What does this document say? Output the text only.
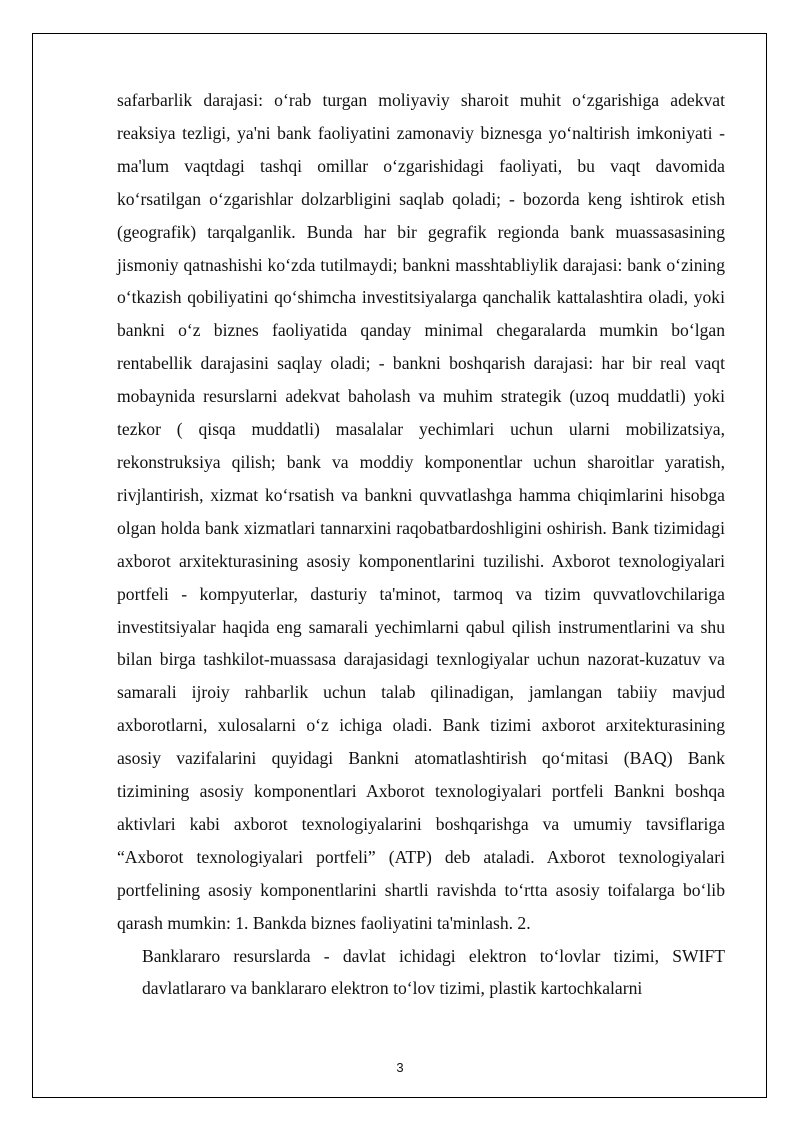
safarbarlik darajasi: o‘rab turgan moliyaviy sharoit muhit o‘zgarishiga adekvat reaksiya tezligi, ya'ni bank faoliyatini zamonaviy biznesga yo‘naltirish imkoniyati - ma'lum vaqtdagi tashqi omillar o‘zgarishidagi faoliyati, bu vaqt davomida ko‘rsatilgan o‘zgarishlar dolzarbligini saqlab qoladi; - bozorda keng ishtirok etish (geografik) tarqalganlik. Bunda har bir gegrafik regionda bank muassasasining jismoniy qatnashishi ko‘zda tutilmaydi; bankni masshtabliylik darajasi: bank o‘zining o‘tkazish qobiliyatini qo‘shimcha investitsiyalarga qanchalik kattalashtira oladi, yoki bankni o‘z biznes faoliyatida qanday minimal chegaralarda mumkin bo‘lgan rentabellik darajasini saqlay oladi; - bankni boshqarish darajasi: har bir real vaqt mobaynida resurslarni adekvat baholash va muhim strategik (uzoq muddatli) yoki tezkor ( qisqa muddatli) masalalar yechimlari uchun ularni mobilizatsiya, rekonstruksiya qilish; bank va moddiy komponentlar uchun sharoitlar yaratish, rivjlantirish, xizmat ko‘rsatish va bankni quvvatlashga hamma chiqimlarini hisobga olgan holda bank xizmatlari tannarxini raqobatbardoshligini oshirish. Bank tizimidagi axborot arxitekturasining asosiy komponentlarini tuzilishi. Axborot texnologiyalari portfeli - kompyuterlar, dasturiy ta'minot, tarmoq va tizim quvvatlovchilariga investitsiyalar haqida eng samarali yechimlarni qabul qilish instrumentlarini va shu bilan birga tashkilot-muassasa darajasidagi texnlogiyalar uchun nazorat-kuzatuv va samarali ijroiy rahbarlik uchun talab qilinadigan, jamlangan tabiiy mavjud axborotlarni, xulosalarni o‘z ichiga oladi. Bank tizimi axborot arxitekturasining asosiy vazifalarini quyidagi Bankni atomatlashtirish qo‘mitasi (BAQ) Bank tizimining asosiy komponentlari Axborot texnologiyalari portfeli Bankni boshqa aktivlari kabi axborot texnologiyalarini boshqarishga va umumiy tavsiflariga “Axborot texnologiyalari portfeli” (ATP) deb ataladi. Axborot texnologiyalari portfelining asosiy komponentlarini shartli ravishda to‘rtta asosiy toifalarga bo‘lib qarash mumkin: 1. Bankda biznes faoliyatini ta'minlash. 2.

Banklararo resurslarda - davlat ichidagi elektron to‘lovlar tizimi, SWIFT davlatlararo va banklararo elektron to‘lov tizimi, plastik kartochkalarni

3
